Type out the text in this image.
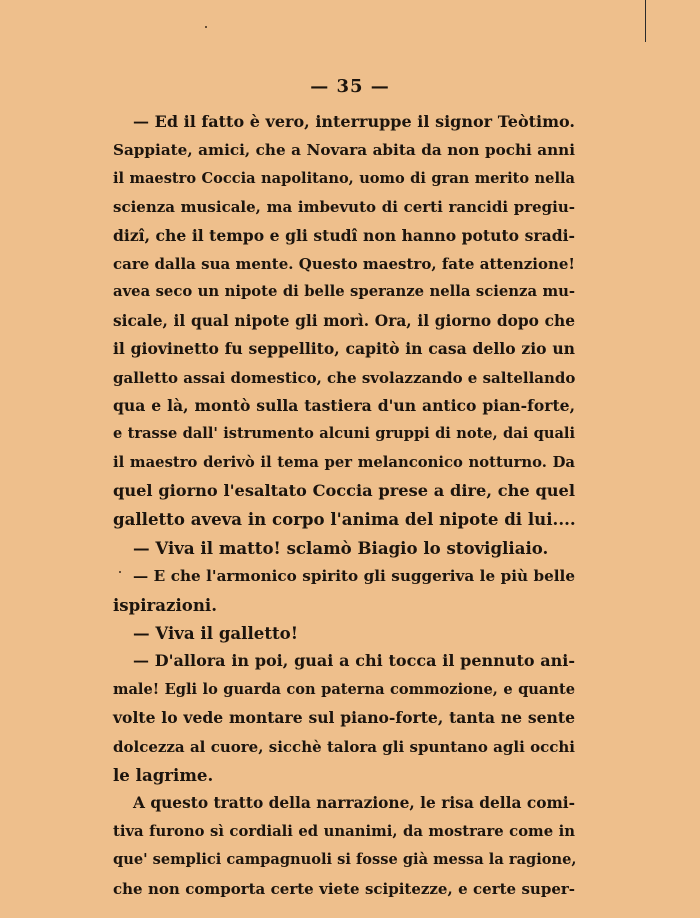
— 35 —
— Ed il fatto è vero, interruppe il signor Teòtimo.
Sappiate, amici, che a Novara abita da non pochi anni
il maestro Coccia napolitano, uomo di gran merito nella
scienza musicale, ma imbevuto di certi rancidi pregiu-
dizî, che il tempo e gli studî non hanno potuto sradi-
care dalla sua mente. Questo maestro, fate attenzione!
avea seco un nipote di belle speranze nella scienza mu-
sicale, il qual nipote gli morì. Ora, il giorno dopo che
il giovinetto fu seppellito, capitò in casa dello zio un
galletto assai domestico, che svolazzando e saltellando
qua e là, montò sulla tastiera d'un antico pian-forte,
e trasse dall' istrumento alcuni gruppi di note, dai quali
il maestro derivò il tema per melanconico notturno. Da
quel giorno l'esaltato Coccia prese a dire, che quel
galletto aveva in corpo l'anima del nipote di lui....
— Viva il matto! sclamò Biagio lo stovigliaio.
— E che l'armonico spirito gli suggeriva le più belle
ispirazioni.
— Viva il galletto!
— D'allora in poi, guai a chi tocca il pennuto ani-
male! Egli lo guarda con paterna commozione, e quante
volte lo vede montare sul piano-forte, tanta ne sente
dolcezza al cuore, sicchè talora gli spuntano agli occhi
le lagrime.
A questo tratto della narrazione, le risa della comi-
tiva furono sì cordiali ed unanimi, da mostrare come in
que' semplici campagnuoli si fosse già messa la ragione,
che non comporta certe viete scipitezze, e certe super-
